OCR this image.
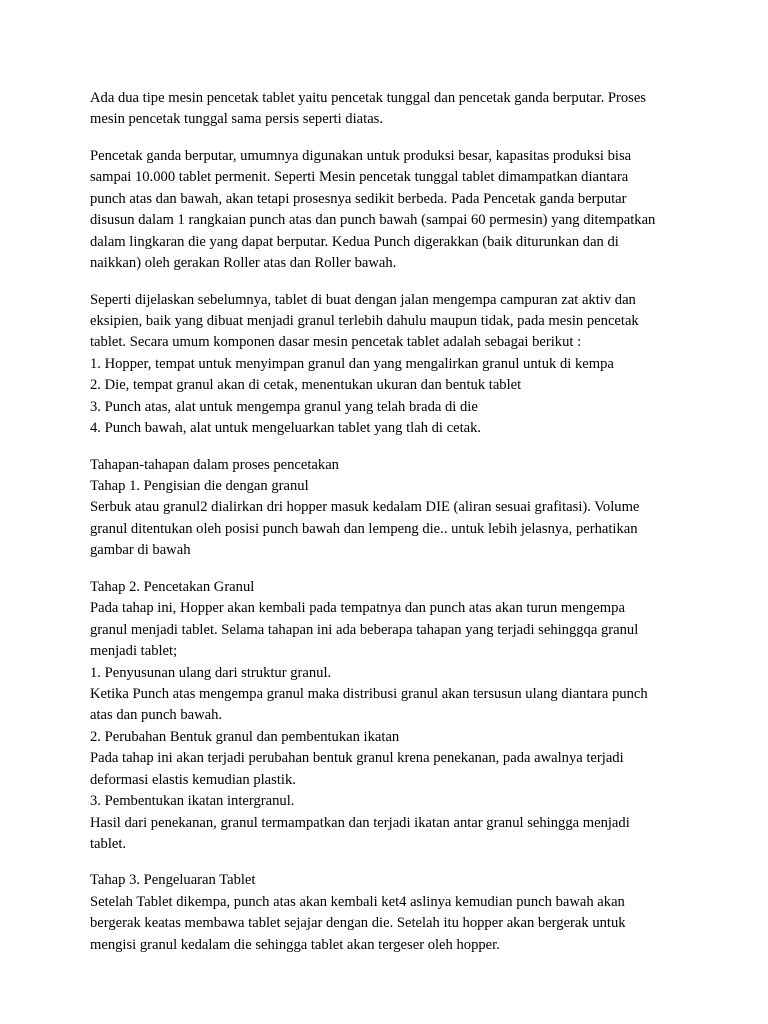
Ada dua tipe mesin pencetak tablet yaitu pencetak tunggal dan pencetak ganda berputar. Proses

mesin pencetak tunggal sama persis seperti diatas.

Pencetak ganda berputar, umumnya digunakan untuk produksi besar, kapasitas produksi bisa

sampai 10.000 tablet permenit. Seperti Mesin pencetak tunggal tablet dimampatkan diantara

punch atas dan bawah, akan tetapi prosesnya sedikit berbeda. Pada Pencetak ganda berputar

disusun dalam 1 rangkaian punch atas dan punch bawah (sampai 60 permesin) yang ditempatkan

dalam lingkaran die yang dapat berputar. Kedua Punch digerakkan (baik diturunkan dan di

naikkan) oleh gerakan Roller atas dan Roller bawah.

Seperti dijelaskan sebelumnya, tablet di buat dengan jalan mengempa campuran zat aktiv dan

eksipien, baik yang dibuat menjadi granul terlebih dahulu maupun tidak, pada mesin pencetak

tablet. Secara umum komponen dasar mesin pencetak tablet adalah sebagai berikut :

1. Hopper, tempat untuk menyimpan granul dan yang mengalirkan granul untuk di kempa

2. Die, tempat granul akan di cetak, menentukan ukuran dan bentuk tablet

3. Punch atas, alat untuk mengempa granul yang telah brada di die

4. Punch bawah, alat untuk mengeluarkan tablet yang tlah di cetak.

Tahapan-tahapan dalam proses pencetakan

Tahap 1. Pengisian die dengan granul

Serbuk atau granul2 dialirkan dri hopper masuk kedalam DIE (aliran sesuai grafitasi). Volume

granul ditentukan oleh posisi punch bawah dan lempeng die.. untuk lebih jelasnya, perhatikan

gambar di bawah

Tahap 2. Pencetakan Granul

Pada tahap ini, Hopper akan kembali pada tempatnya dan punch atas akan turun mengempa

granul menjadi tablet. Selama tahapan ini ada beberapa tahapan yang terjadi sehinggqa granul

menjadi tablet;

1. Penyusunan ulang dari struktur granul.

Ketika Punch atas mengempa granul maka distribusi granul akan tersusun ulang diantara punch

atas dan punch bawah.

2. Perubahan Bentuk granul dan pembentukan ikatan

Pada tahap ini akan terjadi perubahan bentuk granul krena penekanan, pada awalnya terjadi

deformasi elastis kemudian plastik.

3. Pembentukan ikatan intergranul.

Hasil dari penekanan, granul termampatkan dan terjadi ikatan antar granul sehingga menjadi

tablet.

Tahap 3. Pengeluaran Tablet

Setelah Tablet dikempa, punch atas akan kembali ket4 aslinya kemudian punch bawah akan

bergerak keatas membawa tablet sejajar dengan die. Setelah itu hopper akan bergerak untuk

mengisi granul kedalam die sehingga tablet akan tergeser oleh hopper.
